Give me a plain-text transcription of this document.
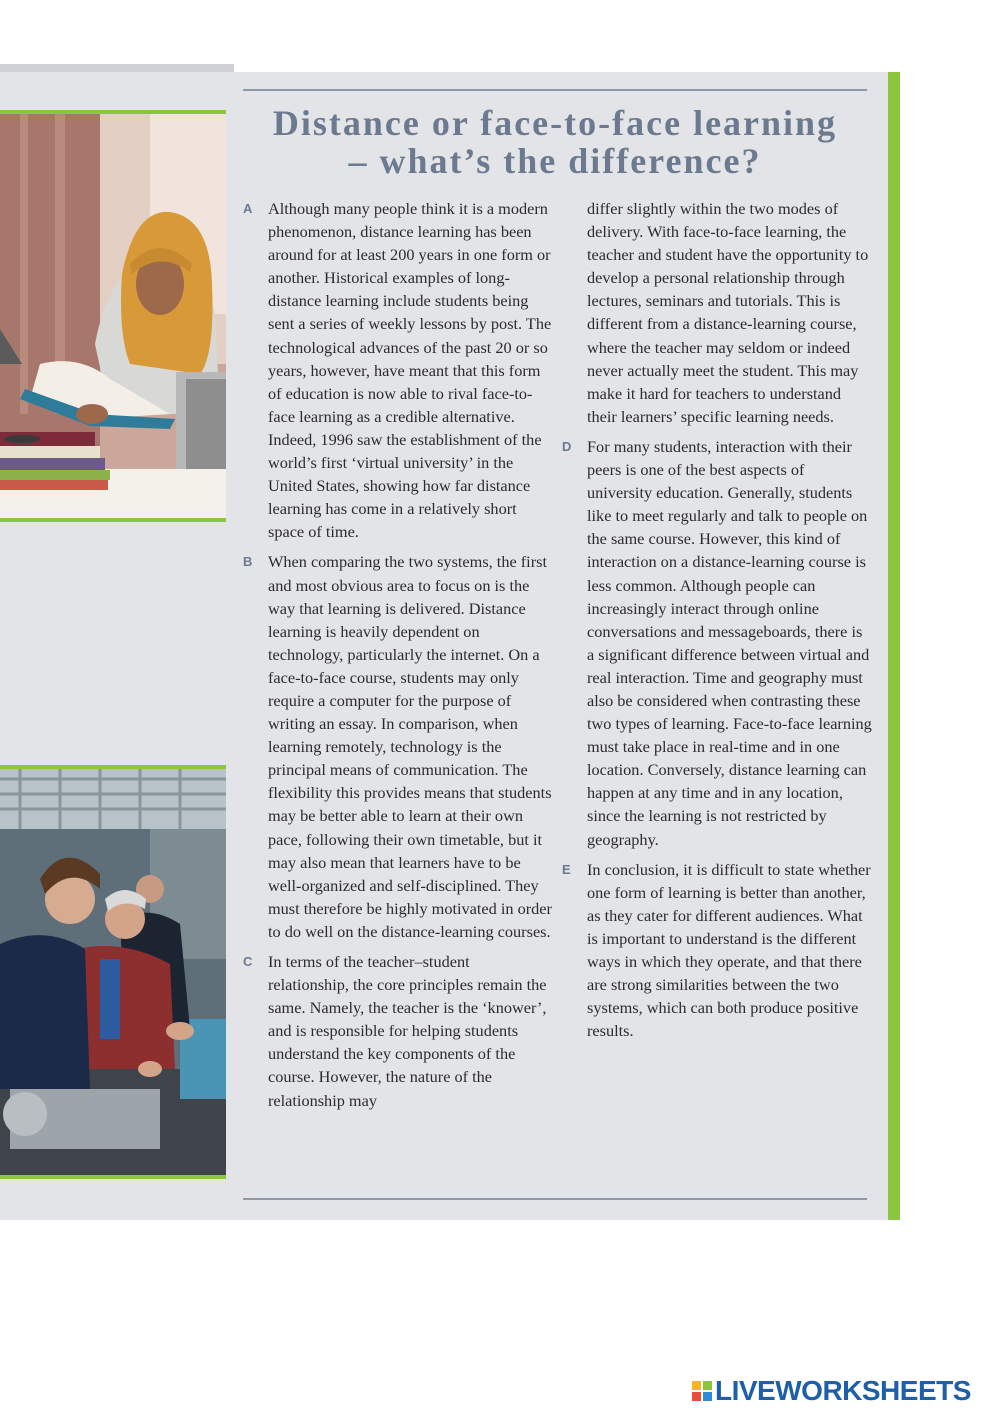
Distance or face-to-face learning
– what’s the difference?
A Although many people think it is a modern phenomenon, distance learning has been around for at least 200 years in one form or another. Historical examples of long-distance learning include students being sent a series of weekly lessons by post. The technological advances of the past 20 or so years, however, have meant that this form of education is now able to rival face-to-face learning as a credible alternative. Indeed, 1996 saw the establishment of the world’s first ‘virtual university’ in the United States, showing how far distance learning has come in a relatively short space of time.
B When comparing the two systems, the first and most obvious area to focus on is the way that learning is delivered. Distance learning is heavily dependent on technology, particularly the internet. On a face-to-face course, students may only require a computer for the purpose of writing an essay. In comparison, when learning remotely, technology is the principal means of communication. The flexibility this provides means that students may be better able to learn at their own pace, following their own timetable, but it may also mean that learners have to be well-organized and self-disciplined. They must therefore be highly motivated in order to do well on the distance-learning courses.
C In terms of the teacher–student relationship, the core principles remain the same. Namely, the teacher is the ‘knower’, and is responsible for helping students understand the key components of the course. However, the nature of the relationship may
differ slightly within the two modes of delivery. With face-to-face learning, the teacher and student have the opportunity to develop a personal relationship through lectures, seminars and tutorials. This is different from a distance-learning course, where the teacher may seldom or indeed never actually meet the student. This may make it hard for teachers to understand their learners’ specific learning needs.
D For many students, interaction with their peers is one of the best aspects of university education. Generally, students like to meet regularly and talk to people on the same course. However, this kind of interaction on a distance-learning course is less common. Although people can increasingly interact through online conversations and messageboards, there is a significant difference between virtual and real interaction. Time and geography must also be considered when contrasting these two types of learning. Face-to-face learning must take place in real-time and in one location. Conversely, distance learning can happen at any time and in any location, since the learning is not restricted by geography.
E In conclusion, it is difficult to state whether one form of learning is better than another, as they cater for different audiences. What is important to understand is the different ways in which they operate, and that there are strong similarities between the two systems, which can both produce positive results.
LIVEWORKSHEETS
